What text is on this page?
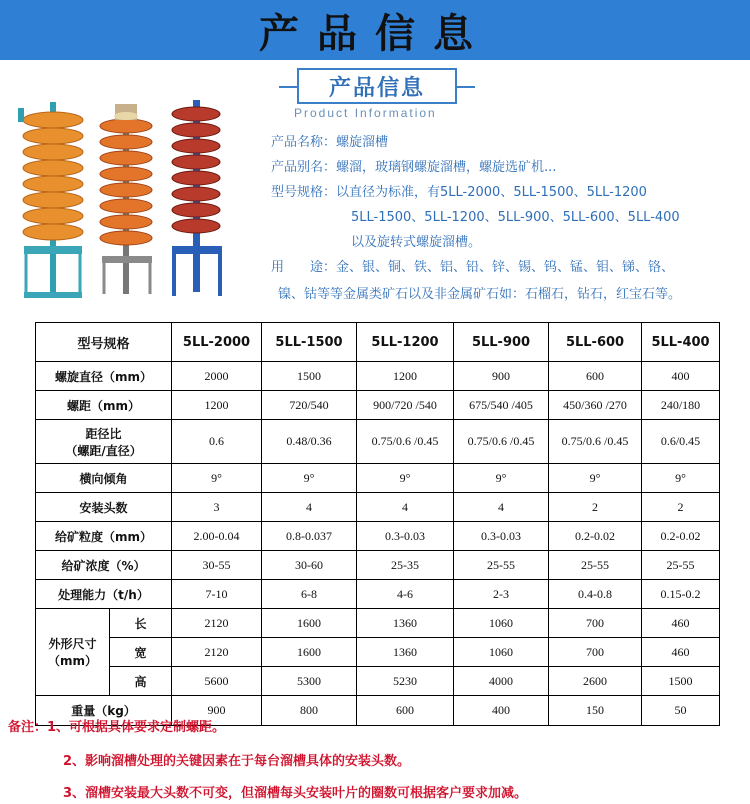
产品信息
产品信息
Product Information
产品名称：螺旋溜槽
产品别名：螺溜，玻璃钢螺旋溜槽，螺旋选矿机...
型号规格：以直径为标准，有5LL-2000、5LL-1500、5LL-1200
5LL-1500、5LL-1200、5LL-900、5LL-600、5LL-400
以及旋转式螺旋溜槽。
用　　途：金、银、铜、铁、铝、铅、锌、锡、钨、锰、钼、锑、铬、
镍、钴等等金属类矿石以及非金属矿石如：石榴石，钻石，红宝石等。
型号规格		5LL-2000	5LL-1500	5LL-1200	5LL-900	5LL-600	5LL-400
螺旋直径（mm）		2000	1500	1200	900	600	400
螺距（mm）		1200	720/540	900/720 /540	675/540 /405	450/360 /270	240/180

距径比
（螺距/直径）		0.6	0.48/0.36	0.75/0.6 /0.45	0.75/0.6 /0.45	0.75/0.6 /0.45	0.6/0.45
横向倾角		9°	9°	9°	9°	9°	9°
安装头数		3	4	4	4	2	2
给矿粒度（mm）		2.00-0.04	0.8-0.037	0.3-0.03	0.3-0.03	0.2-0.02	0.2-0.02
给矿浓度（%）		30-55	30-60	25-35	25-55	25-55	25-55
处理能力（t/h）		7-10	6-8	4-6	2-3	0.4-0.8	0.15-0.2

外形尺寸
（mm）	长	2120	1600	1360	1060	700	460
	宽	2120	1600	1360	1060	700	460
	高	5600	5300	5230	4000	2600	1500
重量（kg）		900	800	600	400	150	50
备注：1、可根据具体要求定制螺距。
2、影响溜槽处理的关键因素在于每台溜槽具体的安装头数。
3、溜槽安装最大头数不可变，但溜槽每头安装叶片的圈数可根据客户要求加减。
